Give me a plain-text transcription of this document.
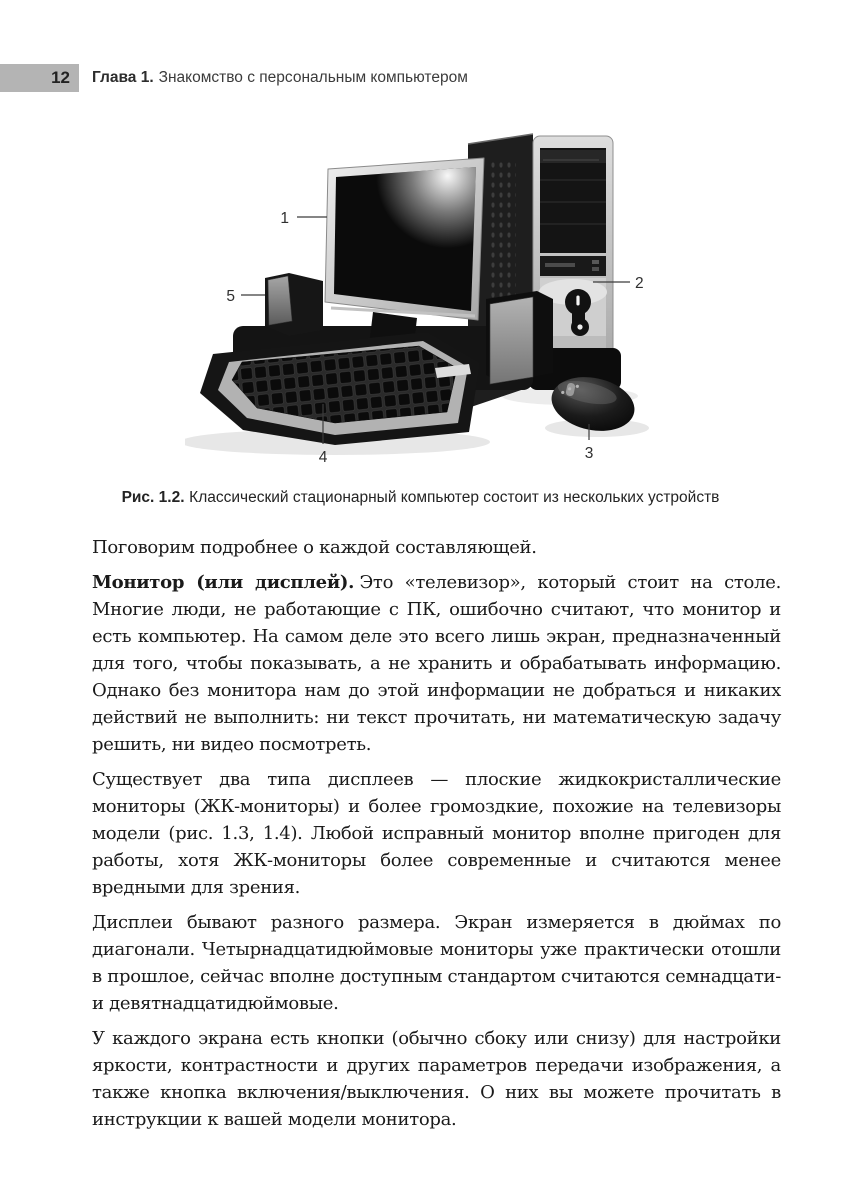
12 Глава 1. Знакомство с персональным компьютером
1
2
3
4
5
Рис. 1.2. Классический стационарный компьютер состоит из нескольких устройств

Поговорим подробнее о каждой составляющей.

Монитор (или дисплей). Это «телевизор», который стоит на столе. Многие люди, не работающие с ПК, ошибочно считают, что монитор и есть компьютер. На самом деле это всего лишь экран, предназначенный для того, чтобы показывать, а не хранить и обрабатывать информацию. Однако без монитора нам до этой информации не добраться и никаких действий не выполнить: ни текст прочитать, ни математическую задачу решить, ни видео посмотреть.

Существует два типа дисплеев — плоские жидкокристаллические мониторы (ЖК-мониторы) и более громоздкие, похожие на телевизоры модели (рис. 1.3, 1.4). Любой исправный монитор вполне пригоден для работы, хотя ЖК-мониторы более современные и считаются менее вредными для зрения.

Дисплеи бывают разного размера. Экран измеряется в дюймах по диагонали. Четырнадцатидюймовые мониторы уже практически отошли в прошлое, сейчас вполне доступным стандартом считаются семнадцати- и девятнадцатидюймовые.

У каждого экрана есть кнопки (обычно сбоку или снизу) для настройки яркости, контрастности и других параметров передачи изображения, а также кнопка включения/выключения. О них вы можете прочитать в инструкции к вашей модели монитора.
